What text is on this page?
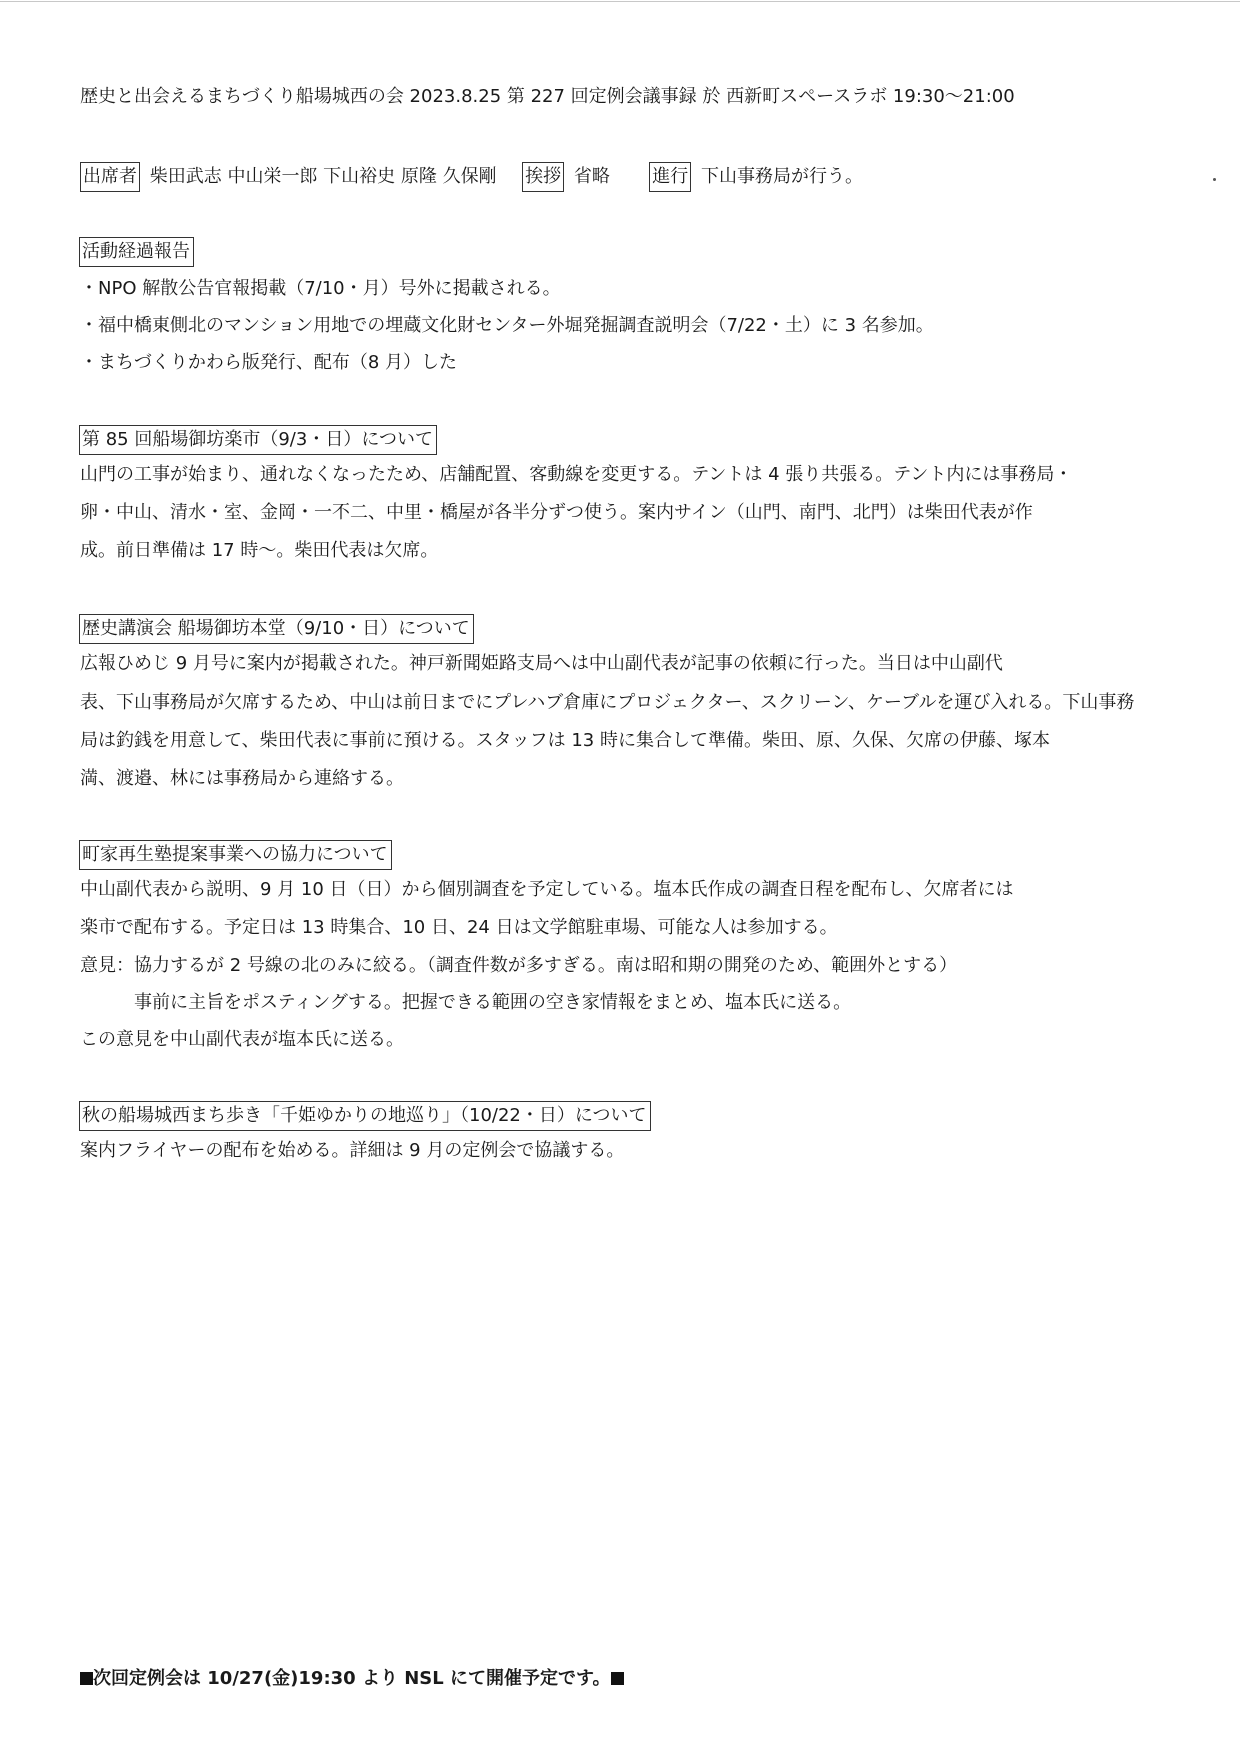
歴史と出会えるまちづくり船場城西の会 2023.8.25 第 227 回定例会議事録 於 西新町スペースラボ 19:30〜21:00
出席者 柴田武志 中山栄一郎 下山裕史 原隆 久保剛 挨拶 省略 進行 下山事務局が行う。
活動経過報告
・NPO 解散公告官報掲載（7/10・月）号外に掲載される。
・福中橋東側北のマンション用地での埋蔵文化財センター外堀発掘調査説明会（7/22・土）に 3 名参加。
・まちづくりかわら版発行、配布（8 月）した
第 85 回船場御坊楽市（9/3・日）について
山門の工事が始まり、通れなくなったため、店舗配置、客動線を変更する。テントは 4 張り共張る。テント内には事務局・
卵・中山、清水・室、金岡・一不二、中里・橋屋が各半分ずつ使う。案内サイン（山門、南門、北門）は柴田代表が作
成。前日準備は 17 時〜。柴田代表は欠席。
歴史講演会 船場御坊本堂（9/10・日）について
広報ひめじ 9 月号に案内が掲載された。神戸新聞姫路支局へは中山副代表が記事の依頼に行った。当日は中山副代
表、下山事務局が欠席するため、中山は前日までにプレハブ倉庫にプロジェクター、スクリーン、ケーブルを運び入れる。下山事務
局は釣銭を用意して、柴田代表に事前に預ける。スタッフは 13 時に集合して準備。柴田、原、久保、欠席の伊藤、塚本
満、渡邉、林には事務局から連絡する。
町家再生塾提案事業への協力について
中山副代表から説明、9 月 10 日（日）から個別調査を予定している。塩本氏作成の調査日程を配布し、欠席者には
楽市で配布する。予定日は 13 時集合、10 日、24 日は文学館駐車場、可能な人は参加する。
意見：協力するが 2 号線の北のみに絞る。（調査件数が多すぎる。南は昭和期の開発のため、範囲外とする）
　　　事前に主旨をポスティングする。把握できる範囲の空き家情報をまとめ、塩本氏に送る。
この意見を中山副代表が塩本氏に送る。
秋の船場城西まち歩き「千姫ゆかりの地巡り」（10/22・日）について
案内フライヤーの配布を始める。詳細は 9 月の定例会で協議する。
次回定例会は 10/27(金)19:30 より NSL にて開催予定です。
